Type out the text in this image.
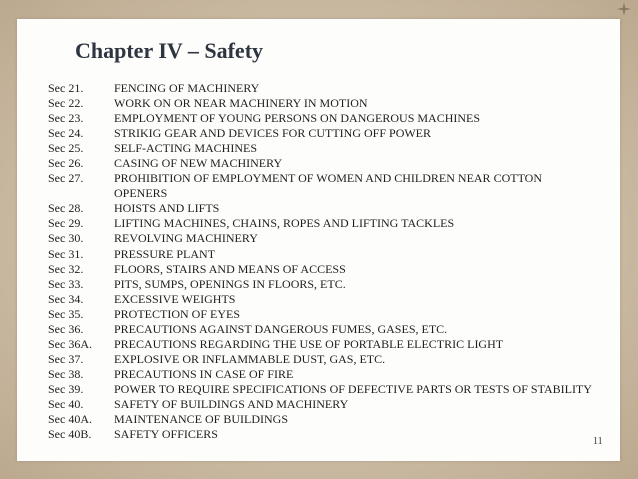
Chapter IV – Safety
Sec 21.	FENCING OF MACHINERY
Sec 22.	WORK ON OR NEAR MACHINERY IN MOTION
Sec 23.	EMPLOYMENT OF YOUNG PERSONS ON DANGEROUS MACHINES
Sec 24.	STRIKIG GEAR AND DEVICES FOR CUTTING OFF POWER
Sec 25.	SELF-ACTING MACHINES
Sec 26.	CASING OF NEW MACHINERY
Sec 27.	PROHIBITION OF EMPLOYMENT OF WOMEN AND CHILDREN NEAR COTTON OPENERS
Sec 28.	HOISTS AND LIFTS
Sec 29.	LIFTING MACHINES, CHAINS, ROPES AND LIFTING TACKLES
Sec 30.	REVOLVING MACHINERY
Sec 31.	PRESSURE PLANT
Sec 32.	FLOORS, STAIRS AND MEANS OF ACCESS
Sec 33.	PITS, SUMPS, OPENINGS IN FLOORS, ETC.
Sec 34.	EXCESSIVE WEIGHTS
Sec 35.	PROTECTION OF EYES
Sec 36.	PRECAUTIONS AGAINST DANGEROUS FUMES, GASES, ETC.
Sec 36A. PRECAUTIONS REGARDING THE USE OF PORTABLE ELECTRIC LIGHT
Sec 37.	EXPLOSIVE OR INFLAMMABLE DUST, GAS, ETC.
Sec 38.	PRECAUTIONS IN CASE OF FIRE
Sec 39.	POWER TO REQUIRE SPECIFICATIONS OF DEFECTIVE PARTS OR TESTS OF STABILITY
Sec 40.	SAFETY OF BUILDINGS AND MACHINERY
Sec 40A. MAINTENANCE OF BUILDINGS
Sec 40B. SAFETY OFFICERS
11
